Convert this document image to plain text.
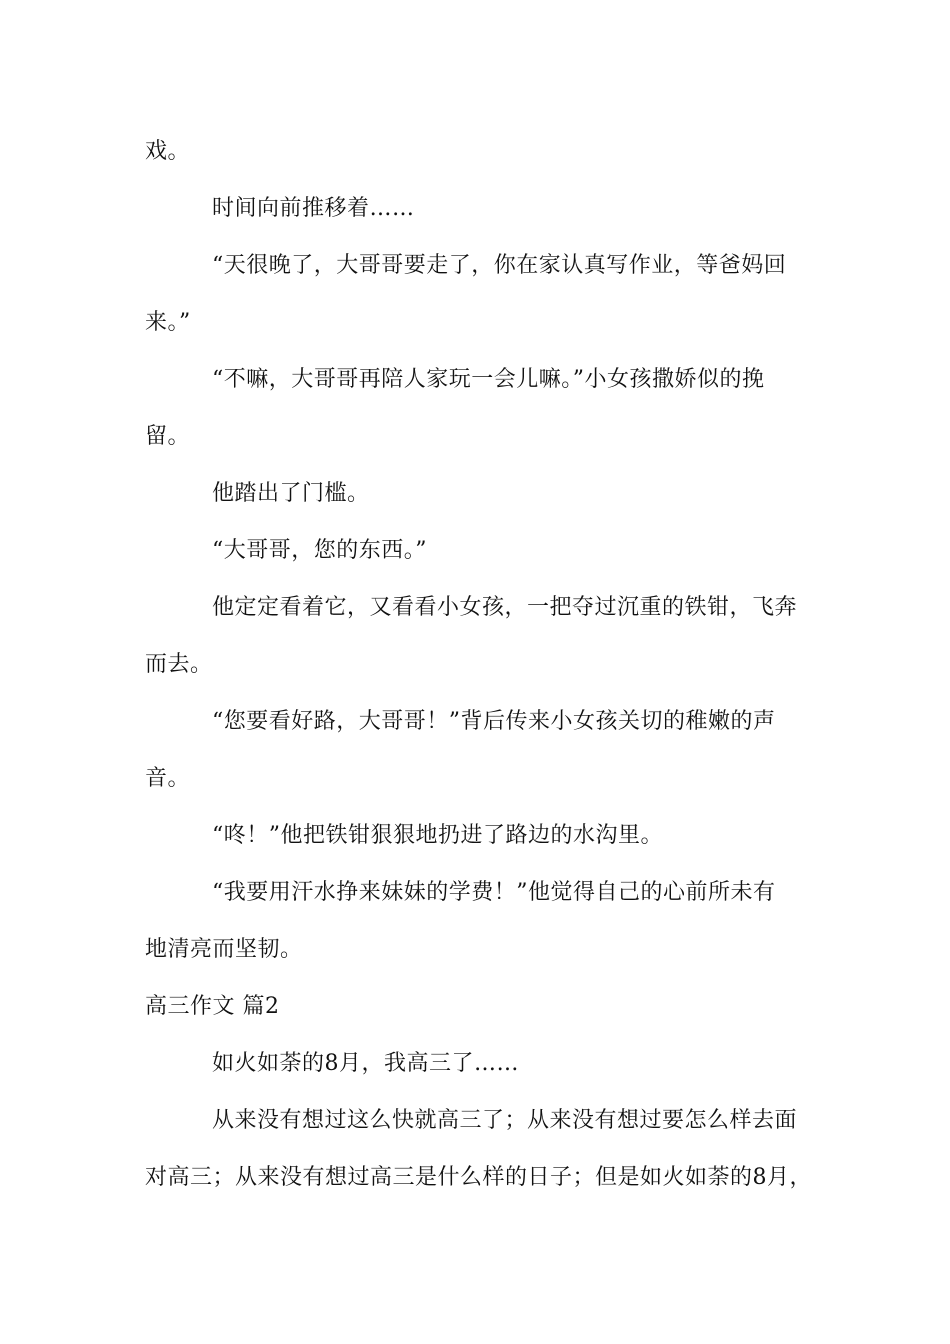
戏。
时间向前推移着……
“天很晚了，大哥哥要走了，你在家认真写作业，等爸妈回
来。”
“不嘛，大哥哥再陪人家玩一会儿嘛。”小女孩撒娇似的挽
留。
他踏出了门槛。
“大哥哥，您的东西。”
他定定看着它，又看看小女孩，一把夺过沉重的铁钳，飞奔
而去。
“您要看好路，大哥哥！”背后传来小女孩关切的稚嫩的声
音。
“咚！”他把铁钳狠狠地扔进了路边的水沟里。
“我要用汗水挣来妹妹的学费！”他觉得自己的心前所未有
地清亮而坚韧。
高三作文 篇2
如火如荼的8月，我高三了……
从来没有想过这么快就高三了；从来没有想过要怎么样去面
对高三；从来没有想过高三是什么样的日子；但是如火如荼的8月，
